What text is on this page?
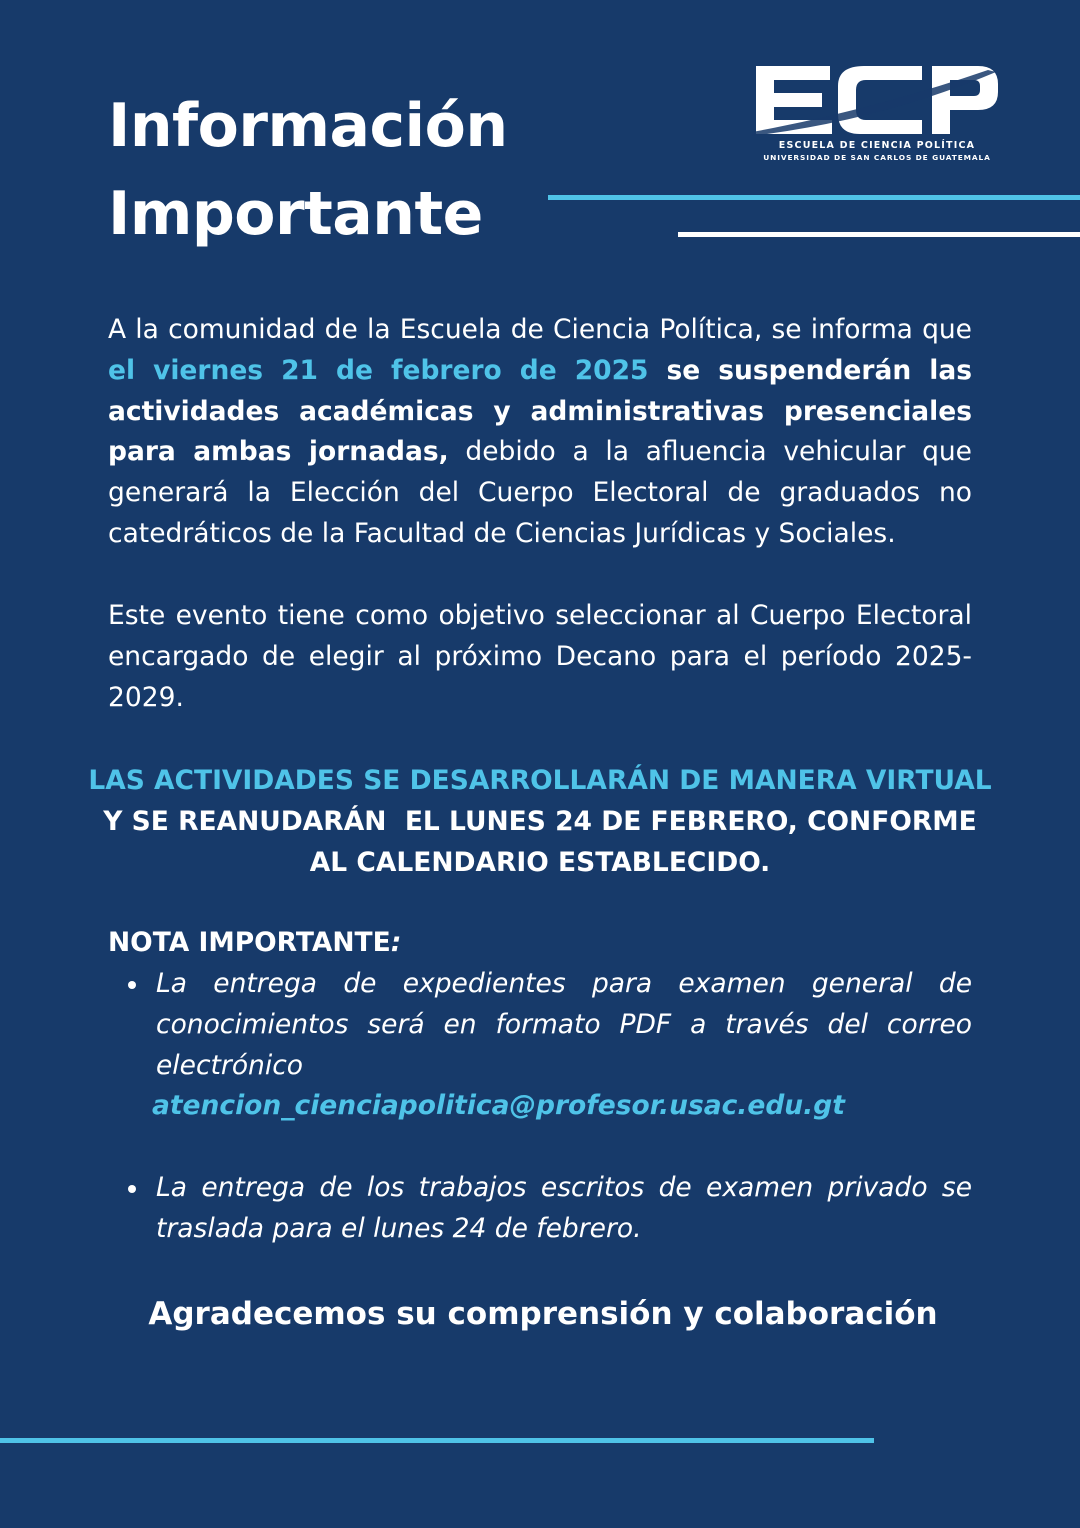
Información
Importante
ESCUELA DE CIENCIA POLÍTICA
UNIVERSIDAD DE SAN CARLOS DE GUATEMALA

A la comunidad de la Escuela de Ciencia Política, se informa que el viernes 21 de febrero de 2025 se suspenderán las actividades académicas y administrativas presenciales para ambas jornadas, debido a la afluencia vehicular que generará la Elección del Cuerpo Electoral de graduados no catedráticos de la Facultad de Ciencias Jurídicas y Sociales.

Este evento tiene como objetivo seleccionar al Cuerpo Electoral encargado de elegir al próximo Decano para el período 2025-2029.

LAS ACTIVIDADES SE DESARROLLARÁN DE MANERA VIRTUAL
Y SE REANUDARÁN  EL LUNES 24 DE FEBRERO, CONFORME
AL CALENDARIO ESTABLECIDO.

NOTA IMPORTANTE:

La entrega de expedientes para examen general de conocimientos será en formato PDF a través del correo electrónico
atencion_cienciapolitica@profesor.usac.edu.gt
La entrega de los trabajos escritos de examen privado se traslada para el lunes 24 de febrero.

Agradecemos su comprensión y colaboración
